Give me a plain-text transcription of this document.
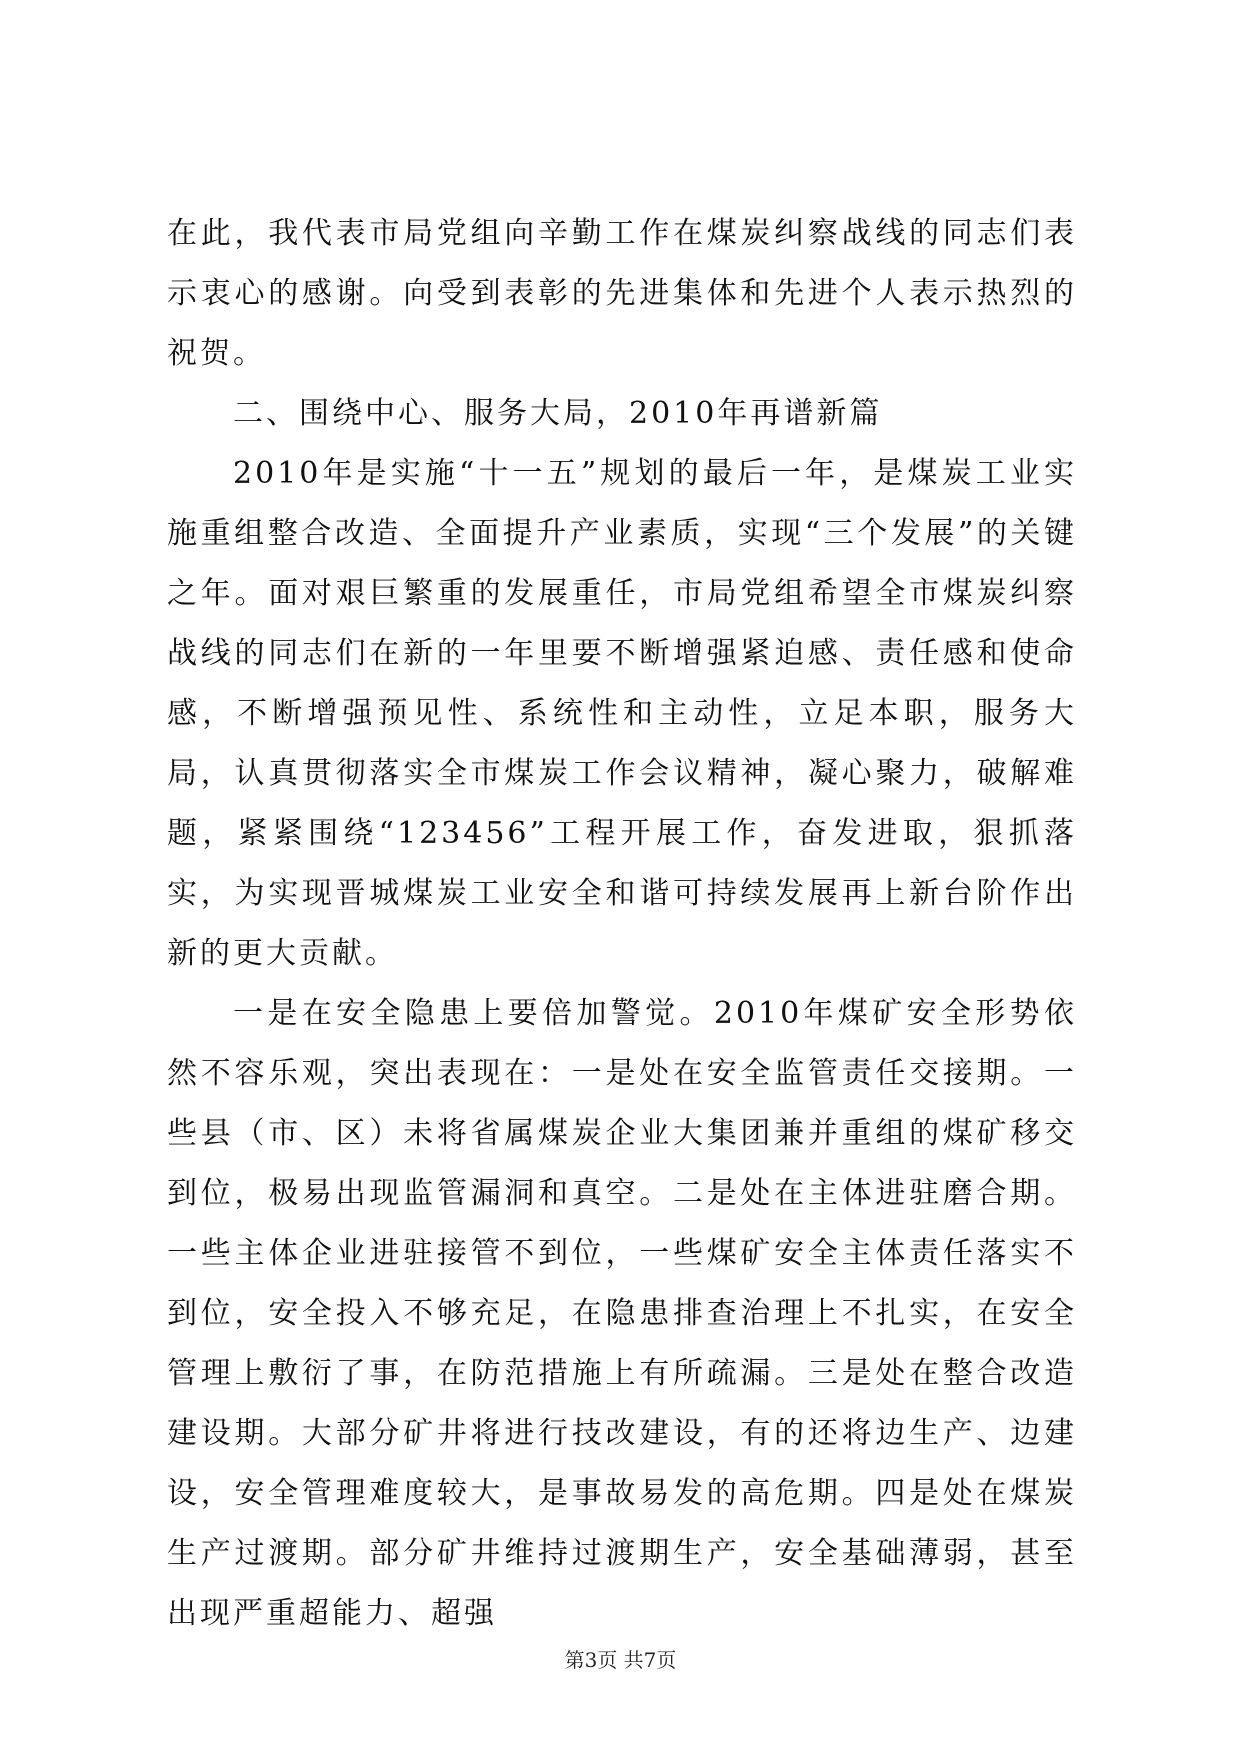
在此，我代表市局党组向辛勤工作在煤炭纠察战线的同志们表示衷心的感谢。向受到表彰的先进集体和先进个人表示热烈的祝贺。

二、围绕中心、服务大局，2010年再谱新篇

2010年是实施“十一五”规划的最后一年，是煤炭工业实施重组整合改造、全面提升产业素质，实现“三个发展”的关键之年。面对艰巨繁重的发展重任，市局党组希望全市煤炭纠察战线的同志们在新的一年里要不断增强紧迫感、责任感和使命感，不断增强预见性、系统性和主动性，立足本职，服务大局，认真贯彻落实全市煤炭工作会议精神，凝心聚力，破解难题，紧紧围绕“123456”工程开展工作，奋发进取，狠抓落实，为实现晋城煤炭工业安全和谐可持续发展再上新台阶作出新的更大贡献。

一是在安全隐患上要倍加警觉。2010年煤矿安全形势依然不容乐观，突出表现在：一是处在安全监管责任交接期。一些县（市、区）未将省属煤炭企业大集团兼并重组的煤矿移交到位，极易出现监管漏洞和真空。二是处在主体进驻磨合期。一些主体企业进驻接管不到位，一些煤矿安全主体责任落实不到位，安全投入不够充足，在隐患排查治理上不扎实，在安全管理上敷衍了事，在防范措施上有所疏漏。三是处在整合改造建设期。大部分矿井将进行技改建设，有的还将边生产、边建设，安全管理难度较大，是事故易发的高危期。四是处在煤炭生产过渡期。部分矿井维持过渡期生产，安全基础薄弱，甚至出现严重超能力、超强

第3页 共7页
